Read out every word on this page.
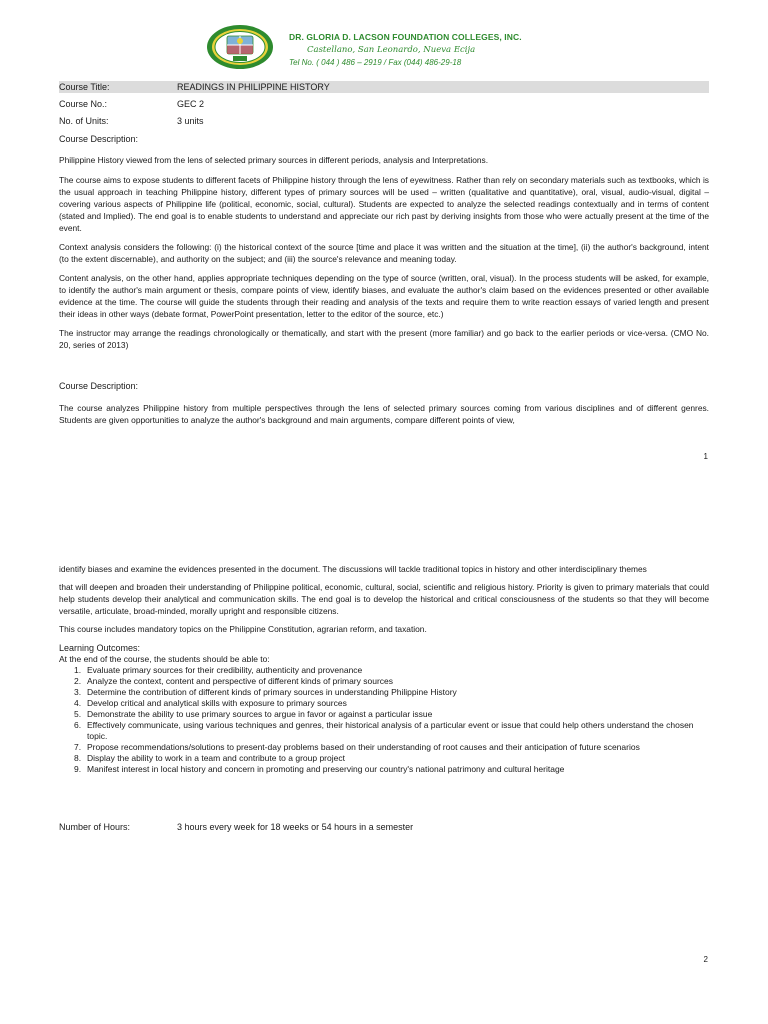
DR. GLORIA D. LACSON FOUNDATION COLLEGES, INC.
Castellano, San Leonardo, Nueva Ecija
Tel No. ( 044 ) 486 – 2919 / Fax (044) 486-29-18
Course Title:	READINGS IN PHILIPPINE HISTORY
Course No.:	GEC 2
No. of Units:	3 units
Course Description:

Philippine History viewed from the lens of selected primary sources in different periods, analysis and Interpretations.

The course aims to expose students to different facets of Philippine history through the lens of eyewitness. Rather than rely on secondary materials such as textbooks, which is the usual approach in teaching Philippine history, different types of primary sources will be used – written (qualitative and quantitative), oral, visual, audio-visual, digital – covering various aspects of Philippine life (political, economic, social, cultural). Students are expected to analyze the selected readings contextually and in terms of content (stated and Implied). The end goal is to enable students to understand and appreciate our rich past by deriving insights from those who were actually present at the time of the event.

Context analysis considers the following: (i) the historical context of the source [time and place it was written and the situation at the time], (ii) the author's background, intent (to the extent discernable), and authority on the subject; and (iii) the source's relevance and meaning today.

Content analysis, on the other hand, applies appropriate techniques depending on the type of source (written, oral, visual). In the process students will be asked, for example, to identify the author's main argument or thesis, compare points of view, identify biases, and evaluate the author's claim based on the evidences presented or other available evidence at the time. The course will guide the students through their reading and analysis of the texts and require them to write reaction essays of varied length and present their ideas in other ways (debate format, PowerPoint presentation, letter to the editor of the source, etc.)

The instructor may arrange the readings chronologically or thematically, and start with the present (more familiar) and go back to the earlier periods or vice-versa. (CMO No. 20, series of 2013)

Course Description:

The course analyzes Philippine history from multiple perspectives through the lens of selected primary sources coming from various disciplines and of different genres. Students are given opportunities to analyze the author's background and main arguments, compare different points of view,

1

identify biases and examine the evidences presented in the document. The discussions will tackle traditional topics in history and other interdisciplinary themes

that will deepen and broaden their understanding of Philippine political, economic, cultural, social, scientific and religious history. Priority is given to primary materials that could help students develop their analytical and communication skills. The end goal is to develop the historical and critical consciousness of the students so that they will become versatile, articulate, broad-minded, morally upright and responsible citizens.

This course includes mandatory topics on the Philippine Constitution, agrarian reform, and taxation.

Learning Outcomes:
At the end of the course, the students should be able to:
1. Evaluate primary sources for their credibility, authenticity and provenance
2. Analyze the context, content and perspective of different kinds of primary sources
3. Determine the contribution of different kinds of primary sources in understanding Philippine History
4. Develop critical and analytical skills with exposure to primary sources
5. Demonstrate the ability to use primary sources to argue in favor or against a particular issue
6. Effectively communicate, using various techniques and genres, their historical analysis of a particular event or issue that could help others understand the chosen topic.
7. Propose recommendations/solutions to present-day problems based on their understanding of root causes and their anticipation of future scenarios
8. Display the ability to work in a team and contribute to a group project
9. Manifest interest in local history and concern in promoting and preserving our country's national patrimony and cultural heritage
Number of Hours:	3 hours every week for 18 weeks or 54 hours in a semester
2
